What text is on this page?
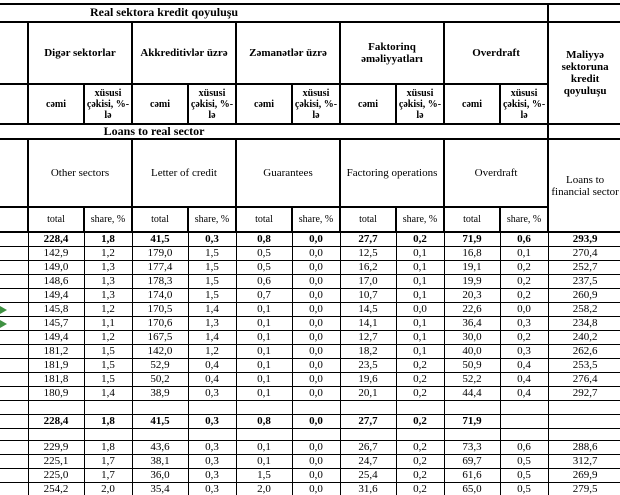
Real sektora kredit qoyuluşu											
	Digər sektorlar		Akkreditivlər üzrə		Zəmanətlər üzrə		Faktorinq əməliyyatları		Overdraft		Maliyyə sektoruna kredit qoyuluşu
	cəmi	xüsusi çəkisi, %-lə	cəmi	xüsusi çəkisi, %-lə	cəmi	xüsusi çəkisi, %-lə	cəmi	xüsusi çəkisi, %-lə	cəmi	xüsusi çəkisi, %-lə	
Loans to real sector											
	Other sectors		Letter of credit		Guarantees		Factoring operations		Overdraft		Loans to financial sector
	total	share, %	total	share, %	total	share, %	total	share, %	total	share, %	
	228,4	1,8	41,5	0,3	0,8	0,0	27,7	0,2	71,9	0,6	293,9
	142,9	1,2	179,0	1,5	0,5	0,0	12,5	0,1	16,8	0,1	270,4
	149,0	1,3	177,4	1,5	0,5	0,0	16,2	0,1	19,1	0,2	252,7
	148,6	1,3	178,3	1,5	0,6	0,0	17,0	0,1	19,9	0,2	237,5
	149,4	1,3	174,0	1,5	0,7	0,0	10,7	0,1	20,3	0,2	260,9

	145,8	1,2	170,5	1,4	0,1	0,0	14,5	0,0	22,6	0,0	258,2

	145,7	1,1	170,6	1,3	0,1	0,0	14,1	0,1	36,4	0,3	234,8
	149,4	1,2	167,5	1,4	0,1	0,0	12,7	0,1	30,0	0,2	240,2
	181,2	1,5	142,0	1,2	0,1	0,0	18,2	0,1	40,0	0,3	262,6
	181,9	1,5	52,9	0,4	0,1	0,0	23,5	0,2	50,9	0,4	253,5
	181,8	1,5	50,2	0,4	0,1	0,0	19,6	0,2	52,2	0,4	276,4
	180,9	1,4	38,9	0,3	0,1	0,0	20,1	0,2	44,4	0,4	292,7

	228,4	1,8	41,5	0,3	0,8	0,0	27,7	0,2	71,9		

	229,9	1,8	43,6	0,3	0,1	0,0	26,7	0,2	73,3	0,6	288,6
	225,1	1,7	38,1	0,3	0,1	0,0	24,7	0,2	69,7	0,5	312,7
	225,0	1,7	36,0	0,3	1,5	0,0	25,4	0,2	61,6	0,5	269,9
	254,2	2,0	35,4	0,3	2,0	0,0	31,6	0,2	65,0	0,5	279,5
